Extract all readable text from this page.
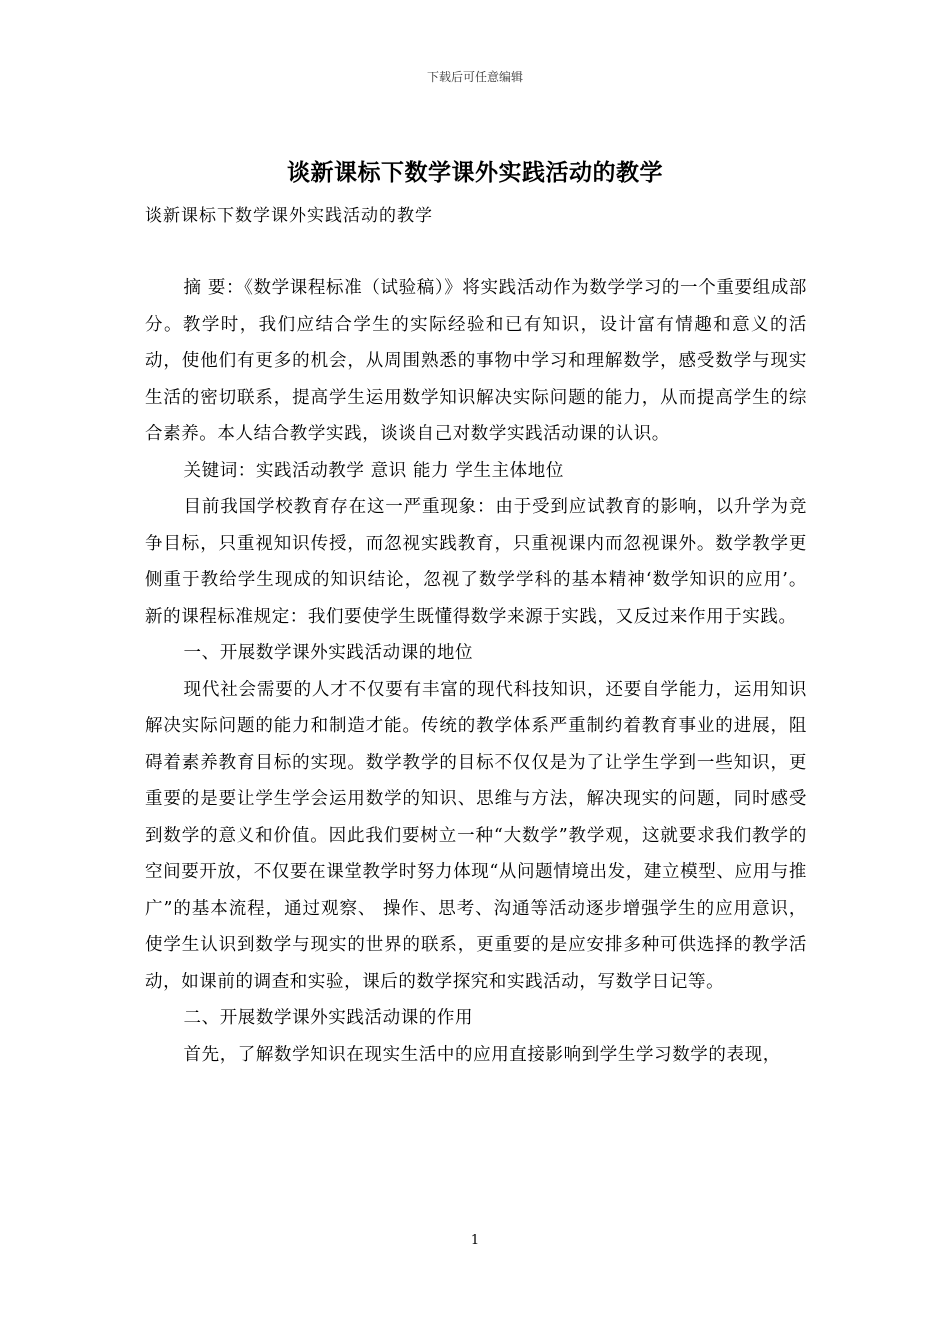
下载后可任意编辑
谈新课标下数学课外实践活动的教学
谈新课标下数学课外实践活动的教学

摘 要：《数学课程标准（试验稿）》将实践活动作为数学学习的一个重要组成部分。教学时，我们应结合学生的实际经验和已有知识，设计富有情趣和意义的活动，使他们有更多的机会，从周围熟悉的事物中学习和理解数学，感受数学与现实生活的密切联系，提高学生运用数学知识解决实际问题的能力，从而提高学生的综合素养。本人结合教学实践，谈谈自己对数学实践活动课的认识。

关键词：实践活动教学 意识 能力 学生主体地位

目前我国学校教育存在这一严重现象：由于受到应试教育的影响，以升学为竞争目标，只重视知识传授，而忽视实践教育，只重视课内而忽视课外。数学教学更侧重于教给学生现成的知识结论，忽视了数学学科的基本精神‘数学知识的应用’。新的课程标准规定：我们要使学生既懂得数学来源于实践，又反过来作用于实践。

一、开展数学课外实践活动课的地位

现代社会需要的人才不仅要有丰富的现代科技知识，还要自学能力，运用知识解决实际问题的能力和制造才能。传统的教学体系严重制约着教育事业的进展，阻碍着素养教育目标的实现。数学教学的目标不仅仅是为了让学生学到一些知识，更重要的是要让学生学会运用数学的知识、思维与方法，解决现实的问题，同时感受到数学的意义和价值。因此我们要树立一种“大数学”教学观，这就要求我们教学的空间要开放，不仅要在课堂教学时努力体现“从问题情境出发，建立模型、应用与推广”的基本流程，通过观察、 操作、思考、沟通等活动逐步增强学生的应用意识，使学生认识到数学与现实的世界的联系，更重要的是应安排多种可供选择的教学活动，如课前的调查和实验，课后的数学探究和实践活动，写数学日记等。

二、开展数学课外实践活动课的作用

首先，了解数学知识在现实生活中的应用直接影响到学生学习数学的表现，

1
